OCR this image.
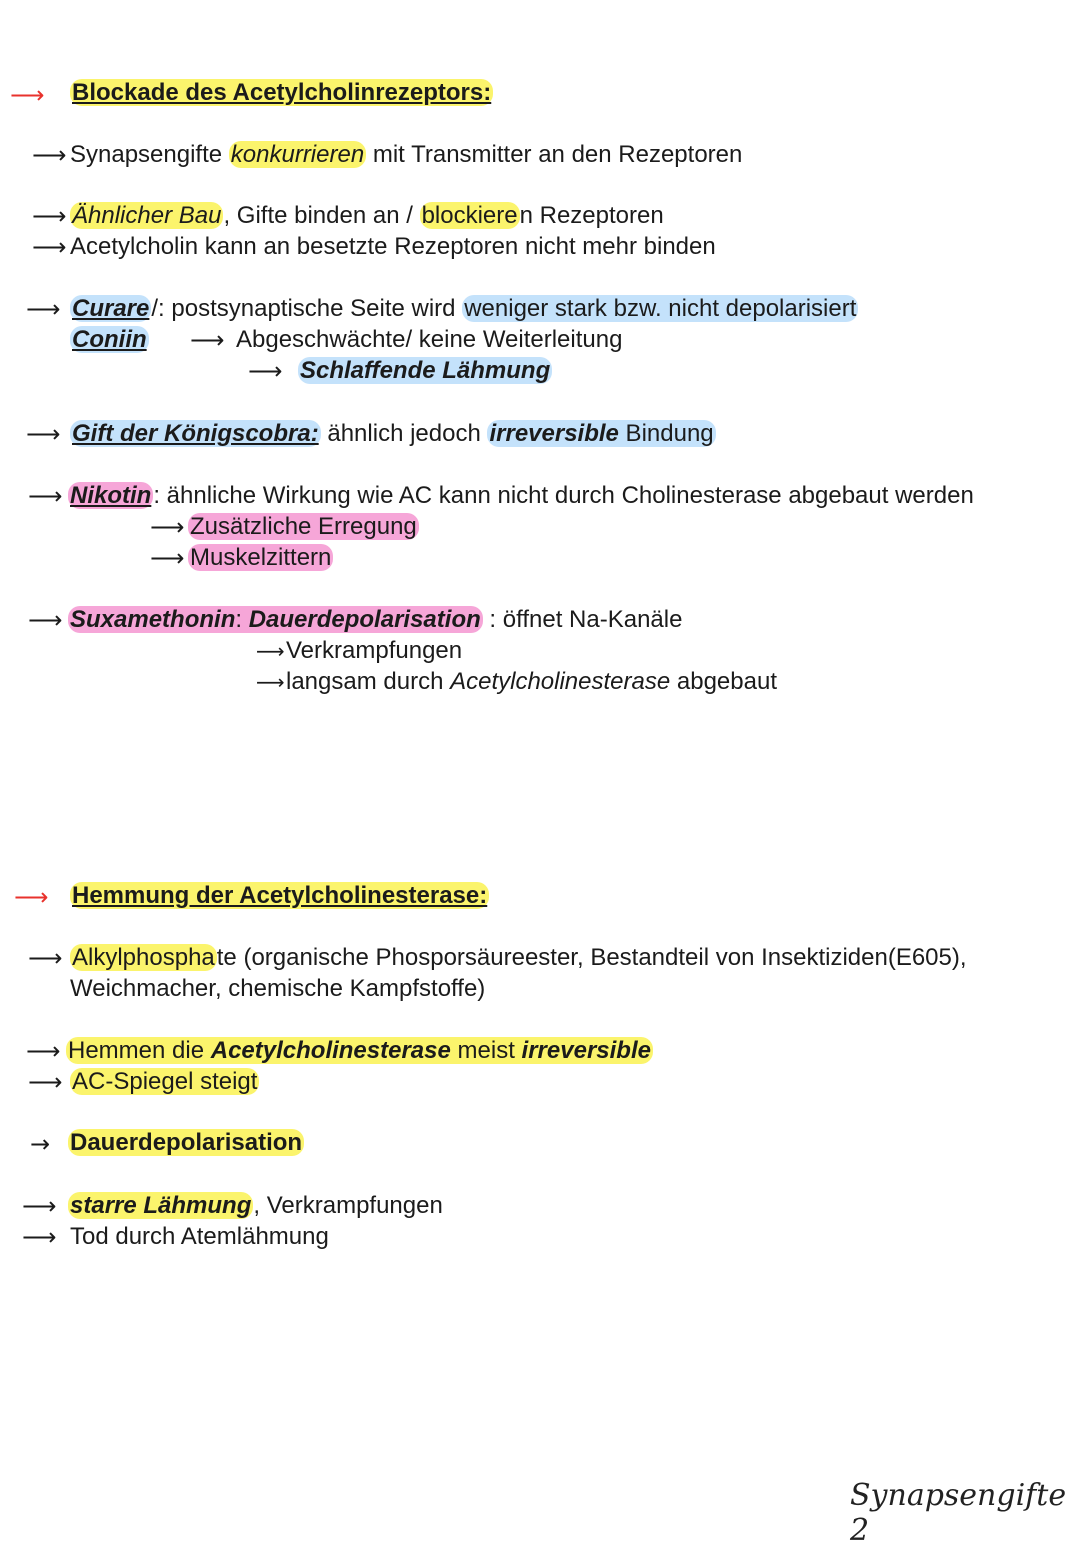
⟶ Blockade des Acetylcholinrezeptors:
⟶ Synapsengifte konkurrieren mit Transmitter an den Rezeptoren
⟶ Ähnlicher Bau, Gifte binden an / blockieren Rezeptoren
⟶ Acetylcholin kann an besetzte Rezeptoren nicht mehr binden
⟶ Curare/: postsynaptische Seite wird weniger stark bzw. nicht depolarisiert
Coniin ⟶ Abgeschwächte/ keine Weiterleitung
⟶ Schlaffende Lähmung
⟶ Gift der Königscobra: ähnlich jedoch irreversible Bindung
⟶ Nikotin: ähnliche Wirkung wie AC kann nicht durch Cholinesterase abgebaut werden
⟶ Zusätzliche Erregung
⟶ Muskelzittern
⟶ Suxamethonin: Dauerdepolarisation : öffnet Na-Kanäle
⟶ Verkrampfungen
⟶ langsam durch Acetylcholinesterase abgebaut
⟶ Hemmung der Acetylcholinesterase:
⟶ Alkylphosphate (organische Phosporsäureester, Bestandteil von Insektiziden(E605),
Weichmacher, chemische Kampfstoffe)
⟶ Hemmen die Acetylcholinesterase meist irreversible
⟶ AC-Spiegel steigt
→ Dauerdepolarisation
⟶ starre Lähmung, Verkrampfungen
⟶ Tod durch Atemlähmung
Synapsengifte 2
